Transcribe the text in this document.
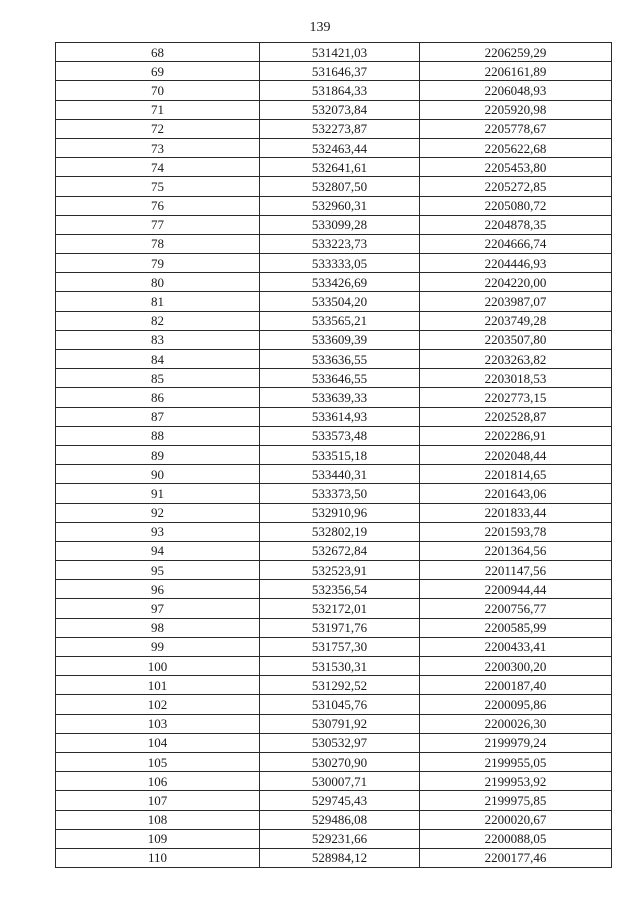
139
68	531421,03	2206259,29
69	531646,37	2206161,89
70	531864,33	2206048,93
71	532073,84	2205920,98
72	532273,87	2205778,67
73	532463,44	2205622,68
74	532641,61	2205453,80
75	532807,50	2205272,85
76	532960,31	2205080,72
77	533099,28	2204878,35
78	533223,73	2204666,74
79	533333,05	2204446,93
80	533426,69	2204220,00
81	533504,20	2203987,07
82	533565,21	2203749,28
83	533609,39	2203507,80
84	533636,55	2203263,82
85	533646,55	2203018,53
86	533639,33	2202773,15
87	533614,93	2202528,87
88	533573,48	2202286,91
89	533515,18	2202048,44
90	533440,31	2201814,65
91	533373,50	2201643,06
92	532910,96	2201833,44
93	532802,19	2201593,78
94	532672,84	2201364,56
95	532523,91	2201147,56
96	532356,54	2200944,44
97	532172,01	2200756,77
98	531971,76	2200585,99
99	531757,30	2200433,41
100	531530,31	2200300,20
101	531292,52	2200187,40
102	531045,76	2200095,86
103	530791,92	2200026,30
104	530532,97	2199979,24
105	530270,90	2199955,05
106	530007,71	2199953,92
107	529745,43	2199975,85
108	529486,08	2200020,67
109	529231,66	2200088,05
110	528984,12	2200177,46
